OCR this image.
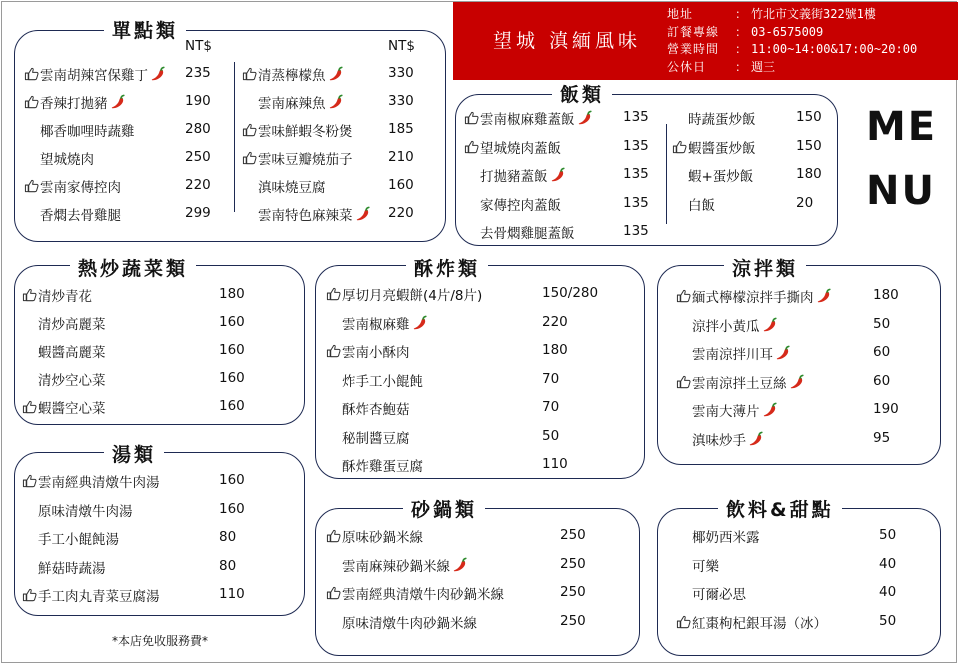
望城 滇緬風味
地址	： 竹北市文義街322號1樓
訂餐專線	： 03-6575009
營業時間	： 11:00~14:00&17:00~20:00
公休日	： 週三
ME
NU
單點類
飯類
熱炒蔬菜類	酥炸類	涼拌類
湯類
砂鍋類	飲料&甜點
NT$	NT$
*本店免收服務費*
雲南胡辣宮保雞丁	235
香辣打拋豬	190
椰香咖哩時蔬雞	280
望城燒肉	250
雲南家傳控肉	220
香燜去骨雞腿	299
清蒸檸檬魚	330
雲南麻辣魚	330
雲味鮮蝦冬粉煲	185
雲味豆瓣燒茄子	210
滇味燒豆腐	160
雲南特色麻辣菜	220
雲南椒麻雞蓋飯	135
望城燒肉蓋飯	135
打拋豬蓋飯	135
家傳控肉蓋飯	135
去骨燜雞腿蓋飯	135
時蔬蛋炒飯	150
蝦醬蛋炒飯	150
蝦+蛋炒飯	180
白飯	20
清炒青花	180
清炒高麗菜	160
蝦醬高麗菜	160
清炒空心菜	160
蝦醬空心菜	160
厚切月亮蝦餅(4片/8片)	150/280
雲南椒麻雞	220
雲南小酥肉	180
炸手工小餛飩	70
酥炸杏鮑菇	70
秘制醬豆腐	50
酥炸雞蛋豆腐	110
緬式檸檬涼拌手撕肉	180
涼拌小黃瓜	50
雲南涼拌川耳	60
雲南涼拌土豆絲	60
雲南大薄片	190
滇味炒手	95
雲南經典清燉牛肉湯	160
原味清燉牛肉湯	160
手工小餛飩湯	80
鮮菇時蔬湯	80
手工肉丸青菜豆腐湯	110
原味砂鍋米線	250
雲南麻辣砂鍋米線	250
雲南經典清燉牛肉砂鍋米線	250
原味清燉牛肉砂鍋米線	250
椰奶西米露	50
可樂	40
可爾必思	40
紅棗枸杞銀耳湯（冰）	50
